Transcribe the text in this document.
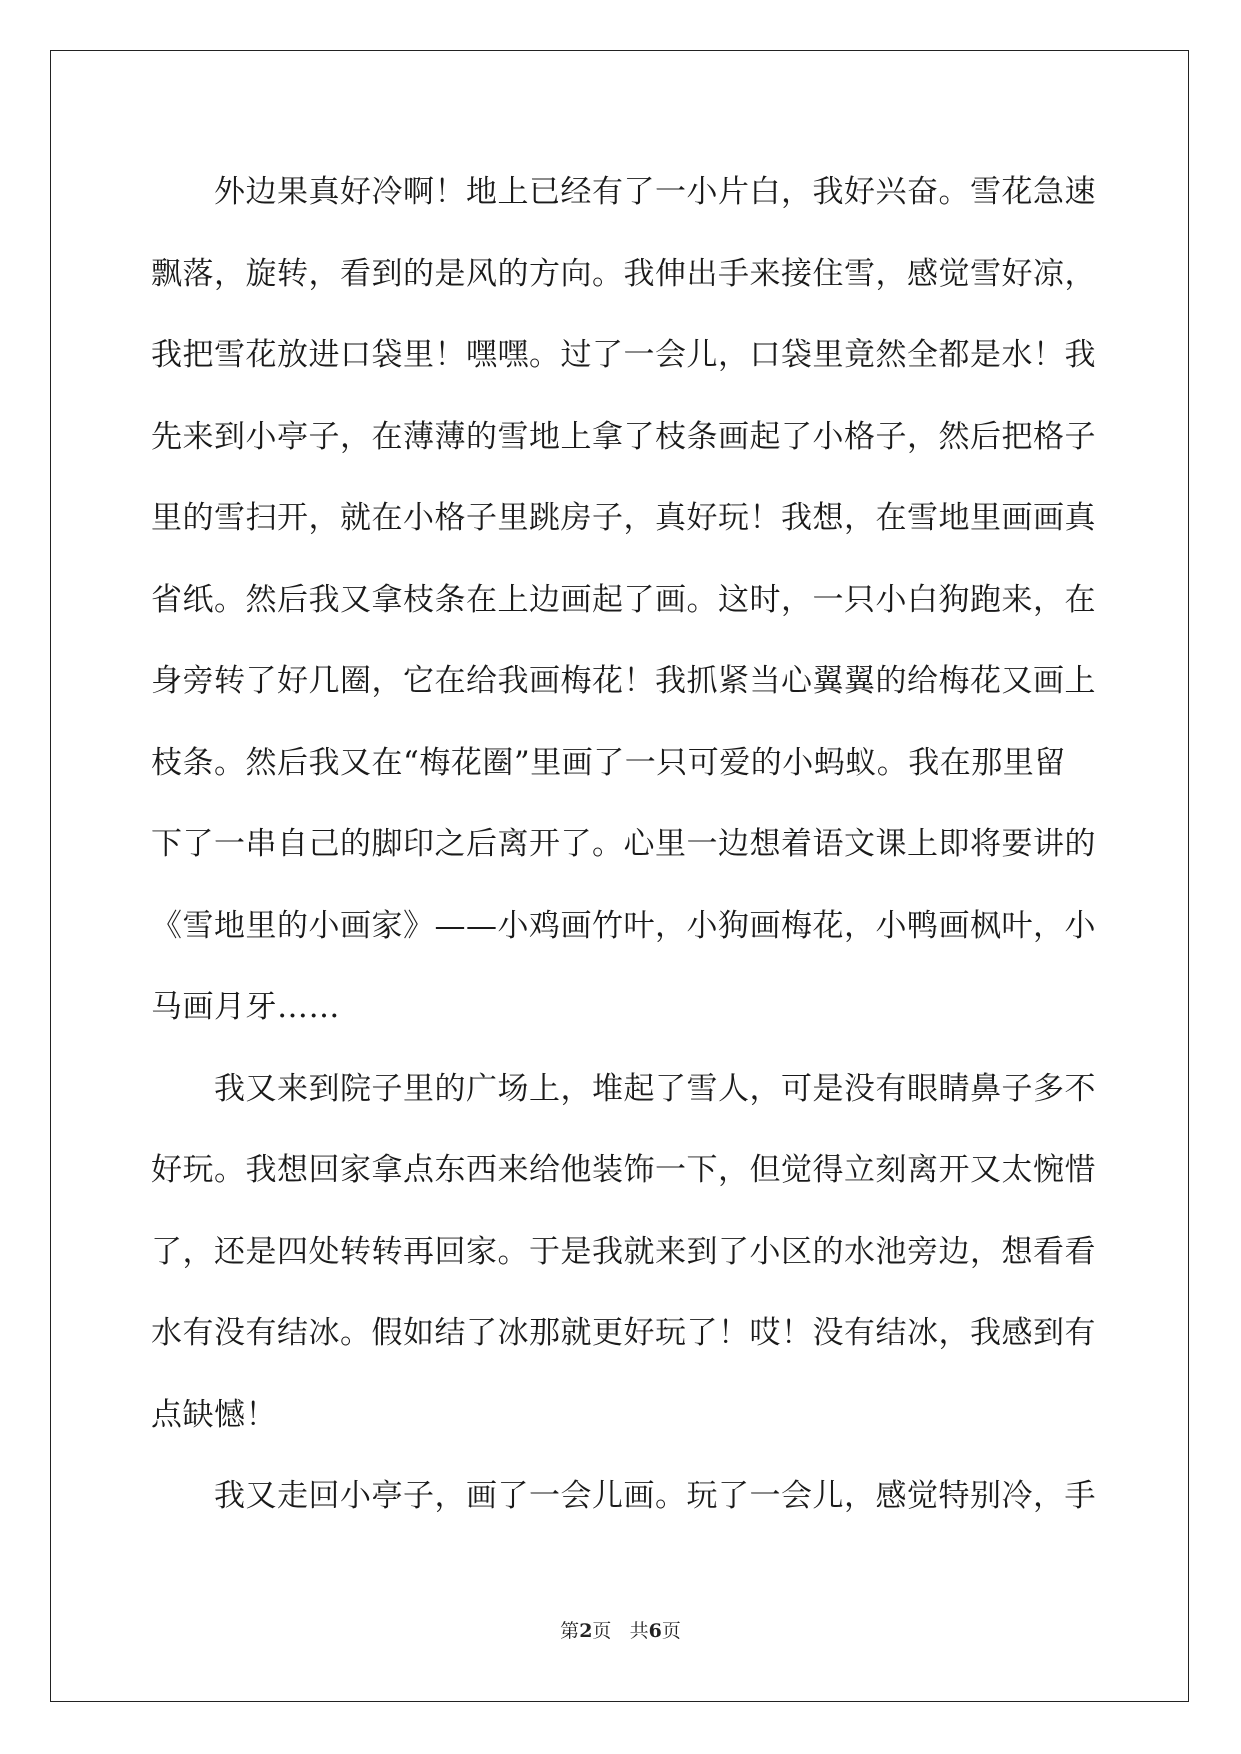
　　外边果真好冷啊！地上已经有了一小片白，我好兴奋。雪花急速
飘落，旋转，看到的是风的方向。我伸出手来接住雪，感觉雪好凉，
我把雪花放进口袋里！嘿嘿。过了一会儿，口袋里竟然全都是水！我
先来到小亭子，在薄薄的雪地上拿了枝条画起了小格子，然后把格子
里的雪扫开，就在小格子里跳房子，真好玩！我想，在雪地里画画真
省纸。然后我又拿枝条在上边画起了画。这时，一只小白狗跑来，在
身旁转了好几圈，它在给我画梅花！我抓紧当心翼翼的给梅花又画上
枝条。然后我又在“梅花圈”里画了一只可爱的小蚂蚁。我在那里留
下了一串自己的脚印之后离开了。心里一边想着语文课上即将要讲的
《雪地里的小画家》——小鸡画竹叶，小狗画梅花，小鸭画枫叶，小
马画月牙……
　　我又来到院子里的广场上，堆起了雪人，可是没有眼睛鼻子多不
好玩。我想回家拿点东西来给他装饰一下，但觉得立刻离开又太惋惜
了，还是四处转转再回家。于是我就来到了小区的水池旁边，想看看
水有没有结冰。假如结了冰那就更好玩了！哎！没有结冰，我感到有
点缺憾！
　　我又走回小亭子，画了一会儿画。玩了一会儿，感觉特别冷，手
第2页 共6页
